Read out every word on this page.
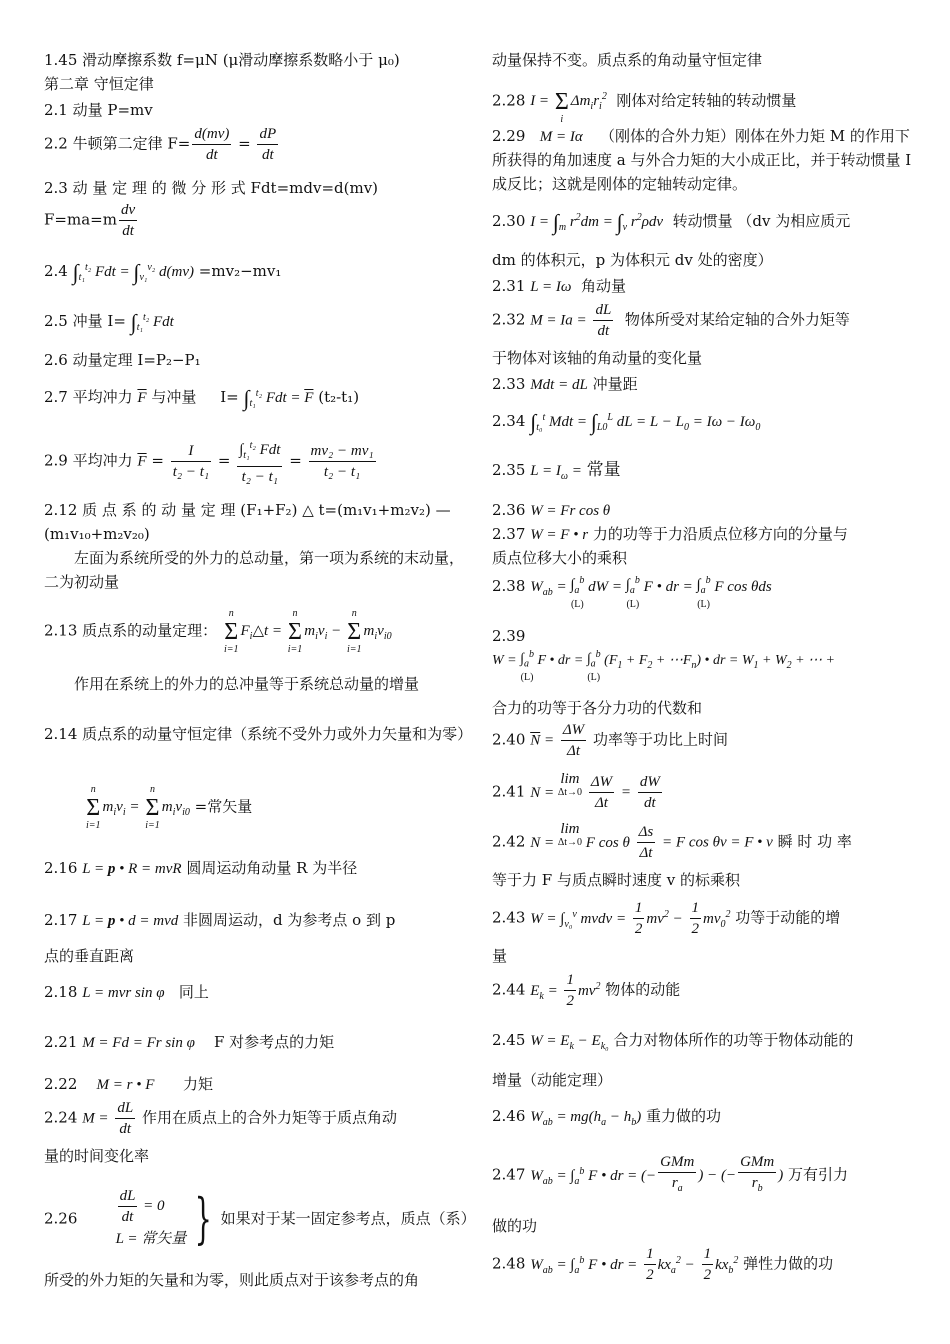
1.45 滑动摩擦系数 f=μN (μ滑动摩擦系数略小于 μ₀)
第二章 守恒定律
2.1 动量 P=mv
2.2 牛顿第二定律 $F= \frac{d(mv)}{dt} = \frac{dP}{dt}$
2.3 动 量 定 理 的 微 分 形 式 Fdt=mdv=d(mv)
$F=ma=m \frac{dv}{dt}$
2.4 $\int_{t_1}^{t_2}$ Fdt = $\int_{v_1}^{v_2}$ d(mv) =mv₂−mv₁
2.5 冲量 $I= \int_{t_1}^{t_2}$ Fdt
2.6 动量定理 I=P₂−P₁
2.7 平均冲力 $\overline{F}$ 与冲量 $I= \int_{t_1}^{t_2}$ Fdt = $\overline{F}$ (t₂-t₁)
2.9 平均冲力 $\overline{F} = \frac{I}{\text{t₂ − t₁}} = \frac{\int_{t_1}^{t_2} Fdt}{\text{t₂ − t₁}} = \frac{\text{mv₂ − mv₁}}{\text{t₂ − t₁}}$
2.12 质 点 系 的 动 量 定 理 (F₁+F₂) △ t=(m₁v₁+m₂v₂) —
(m₁v₁₀+m₂v₂₀)
左面为系统所受的外力的总动量，第一项为系统的末动量，二为初动量
2.13 质点系的动量定理： n
Σ
$i=1F_i\triangle t = n$
Σ
$i=1m_iv_i - n$
Σ
$i=1m_iv_{i0}$
作用在系统上的外力的总冲量等于系统总动量的增量
2.14 质点系的动量守恒定律（系统不受外力或外力矢量和为零）
n
Σ
$i=1m_iv_i = n$
Σ
$i=1m_iv_{i0}$ =常矢量
2.16 L = p • R = mvR 圆周运动角动量 R 为半径
2.17 L = p • d = mvd 非圆周运动，d 为参考点 o 到 p
点的垂直距离
2.18 L = mvr sin φ 同上
2.21 M = Fd = Fr sin φ F 对参考点的力矩
2.22 M = r • F 力矩
2.24 $M = \frac{dL}{dt}$ 作用在质点上的合外力矩等于质点角动
量的时间变化率
2.26	$\frac{dL}{dt} = 0$
L = 常矢量 } 如果对于某一固定参考点，质点（系）
所受的外力矩的矢量和为零，则此质点对于该参考点的角
动量保持不变。质点系的角动量守恒定律
2.28 I = Σ
$i\Delta m_ir_i^2$ 刚体对给定转轴的转动惯量
2.29 M = Iα	（刚体的合外力矩）刚体在外力矩 M 的作用下所获得的角加速度 a 与外合力矩的大小成正比，并于转动惯量 I 成反比；这就是刚体的定轴转动定律。
2.30 $I = \int_m$ $r^2dm = \int_v$ $r^2\rho dv$ 转动惯量 （dv 为相应质元
dm 的体积元，p 为体积元 dv 处的密度）
2.31 L = Iω 角动量
2.32 $M = Ia = \frac{dL}{dt}$ 物体所受对某给定轴的合外力矩等
于物体对该轴的角动量的变化量
2.33 Mdt = dL 冲量距
2.34 $\int_{t_0}^t$ Mdt = $\int_{L0}^L$ dL = $L - L_0 = I\omega - I\omega_0$
2.35 $L = I_\omega$ = 常量
2.36 W = Fr cos θ
2.37 W = F • r 力的功等于力沿质点位移方向的分量与
质点位移大小的乘积
2.38 $W_{ab} = \int_a^b$
(L)
dW = $\int_a^b$
(L)
F • dr = $\int_a^b$
(L)
F cos θds
2.39
$W = \int_a^b$
(L)
F • dr = $\int_a^b$
(L)
($F_1 + F_2$ + $\cdots F_n$) • dr = $W_1 + W_2$ + ⋯ +
合力的功等于各分力功的代数和
2.40 $\overline{N} = \frac{\Delta W}{\Delta t}$ 功率等于功比上时间
2.41 N = lim
Δt→0
$\frac{\Delta W}{\Delta t} = \frac{dW}{dt}$
2.42 N = lim
Δt→0 F cos θ $\frac{\Delta s}{\Delta t} = F$ cos θv = F • v 瞬 时 功 率
等于力 F 与质点瞬时速度 v 的标乘积
2.43 $W = \int_{v_0}^v$ mvdv = $\frac{1}{2} mv^2 - \frac{1}{2} mv_0^2$ 功等于动能的增
量
2.44 $E_k = \frac{1}{2} mv^2$ 物体的动能
2.45 $W = E_k - E_{k_0}$ 合力对物体所作的功等于物体动能的
增量（动能定理）
2.46 $W_{ab} = mg(h_a - h_b)$ 重力做的功
2.47 $W_{ab} = \int_a^b$ F • dr = (− $\frac{\text{GMm}}{r_a}$ ) − (− $\frac{\text{GMm}}{r_b}$ ) 万有引力
做的功
2.48 $W_{ab} = \int_a^b$ F • dr = $\frac{1}{2} kx_a^2 - \frac{1}{2} kx_b^2$ 弹性力做的功
